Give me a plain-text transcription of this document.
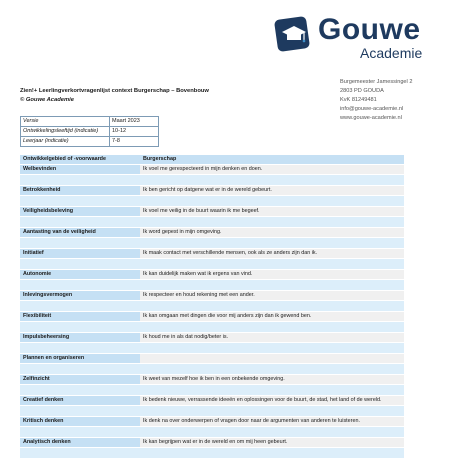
Gouwe
Academie
Burgemeester Jamessingel 2
2803 PD GOUDA
KvK 81249481
info@gouwe-academie.nl
www.gouwe-academie.nl
Zien!+ Leerlingverkortvragenlijst context Burgerschap – Bovenbouw
© Gouwe Academie
Versie	Maart 2023
Ontwikkelingsleeftijd (indicatie)	10-12
Leerjaar (indicatie)	7-8
Ontwikkelgebied of -voorwaarde	Burgerschap
Welbevinden	Ik voel me gerespecteerd in mijn denken en doen.
Betrokkenheid	Ik ben gericht op datgene wat er in de wereld gebeurt.
Veiligheidsbeleving	Ik voel me veilig in de buurt waarin ik me begeef.
Aantasting van de veiligheid	Ik word gepest in mijn omgeving.
Initiatief	Ik maak contact met verschillende mensen, ook als ze anders zijn dan ik.
Autonomie	Ik kan duidelijk maken wat ik ergens van vind.
Inlevingsvermogen	Ik respecteer en houd rekening met een ander.
Flexibiliteit	Ik kan omgaan met dingen die voor mij anders zijn dan ik gewend ben.
Impulsbeheersing	Ik houd me in als dat nodig/beter is.
Plannen en organiseren
Zelfinzicht	Ik weet van mezelf hoe ik ben in een onbekende omgeving.
Creatief denken	Ik bedenk nieuwe, verrassende ideeën en oplossingen voor de buurt, de stad, het land of de wereld.
Kritisch denken	Ik denk na over onderwerpen of vragen door naar de argumenten van anderen te luisteren.
Analytisch denken	Ik kan begrijpen wat er in de wereld en om mij heen gebeurt.
